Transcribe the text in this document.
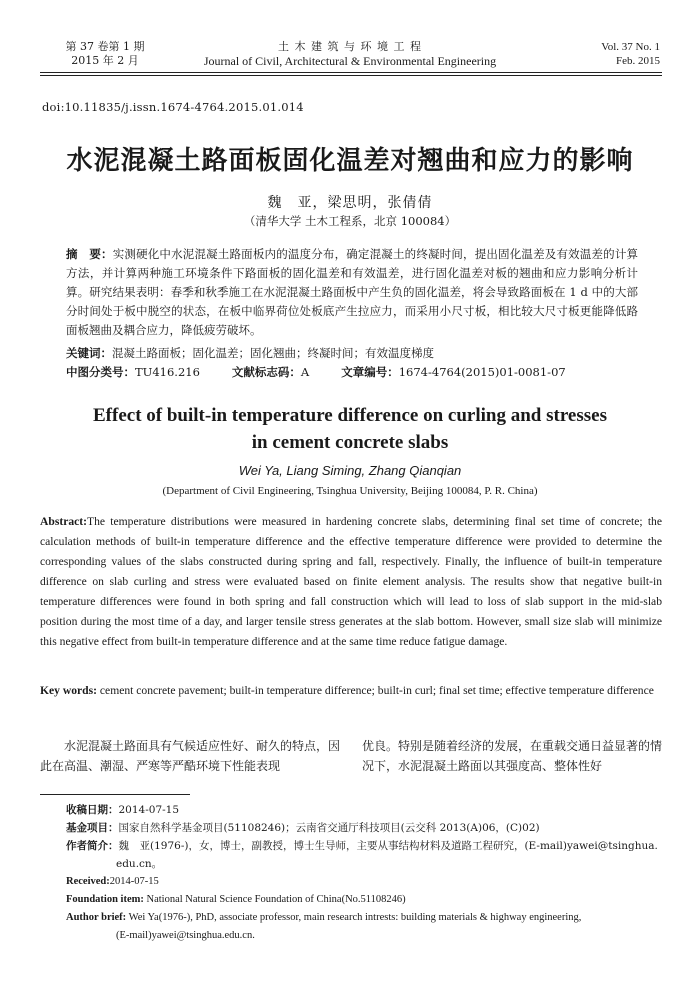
第 37 卷第 1 期
2015 年 2 月
土 木 建 筑 与 环 境 工 程
Journal of Civil, Architectural & Environmental Engineering
Vol. 37 No. 1
Feb. 2015
doi:10.11835/j.issn.1674-4764.2015.01.014
水泥混凝土路面板固化温差对翘曲和应力的影响
魏　亚，梁思明，张倩倩
（清华大学 土木工程系，北京 100084）
摘　要：实测硬化中水泥混凝土路面板内的温度分布，确定混凝土的终凝时间，提出固化温差及有效温差的计算方法，并计算两种施工环境条件下路面板的固化温差和有效温差，进行固化温差对板的翘曲和应力影响分析计算。研究结果表明：春季和秋季施工在水泥混凝土路面板中产生负的固化温差，将会导致路面板在 1 d 中的大部分时间处于板中脱空的状态，在板中临界荷位处板底产生拉应力，而采用小尺寸板，相比较大尺寸板更能降低路面板翘曲及耦合应力，降低疲劳破坏。
关键词：混凝土路面板；固化温差；固化翘曲；终凝时间；有效温度梯度
中图分类号：TU416.216	文献标志码：A	文章编号：1674-4764(2015)01-0081-07
Effect of built-in temperature difference on curling and stresses
in cement concrete slabs
Wei Ya, Liang Siming, Zhang Qianqian
(Department of Civil Engineering, Tsinghua University, Beijing 100084, P. R. China)
Abstract:The temperature distributions were measured in hardening concrete slabs, determining final set time of concrete; the calculation methods of built-in temperature difference and the effective temperature difference were provided to determine the corresponding values of the slabs constructed during spring and fall, respectively. Finally, the influence of built-in temperature difference on slab curling and stress were evaluated based on finite element analysis. The results show that negative built-in temperature differences were found in both spring and fall construction which will lead to loss of slab support in the mid-slab position during the most time of a day, and larger tensile stress generates at the slab bottom. However, small size slab will minimize this negative effect from built-in temperature difference and at the same time reduce fatigue damage.
Key words: cement concrete pavement; built-in temperature difference; built-in curl; final set time; effective temperature difference
水泥混凝土路面具有气候适应性好、耐久的特点，因此在高温、潮湿、严寒等严酷环境下性能表现
优良。特别是随着经济的发展，在重载交通日益显著的情况下，水泥混凝土路面以其强度高、整体性好
收稿日期：2014-07-15
基金项目：国家自然科学基金项目(51108246)；云南省交通厅科技项目(云交科 2013(A)06，(C)02)
作者简介：魏　亚(1976-)，女，博士，副教授，博士生导师，主要从事结构材料及道路工程研究，(E-mail)yawei@tsinghua.
edu.cn。
Received:2014-07-15
Foundation item: National Natural Science Foundation of China(No.51108246)
Author brief: Wei Ya(1976-), PhD, associate professor, main research intrests: building materials & highway engineering,
(E-mail)yawei@tsinghua.edu.cn.
